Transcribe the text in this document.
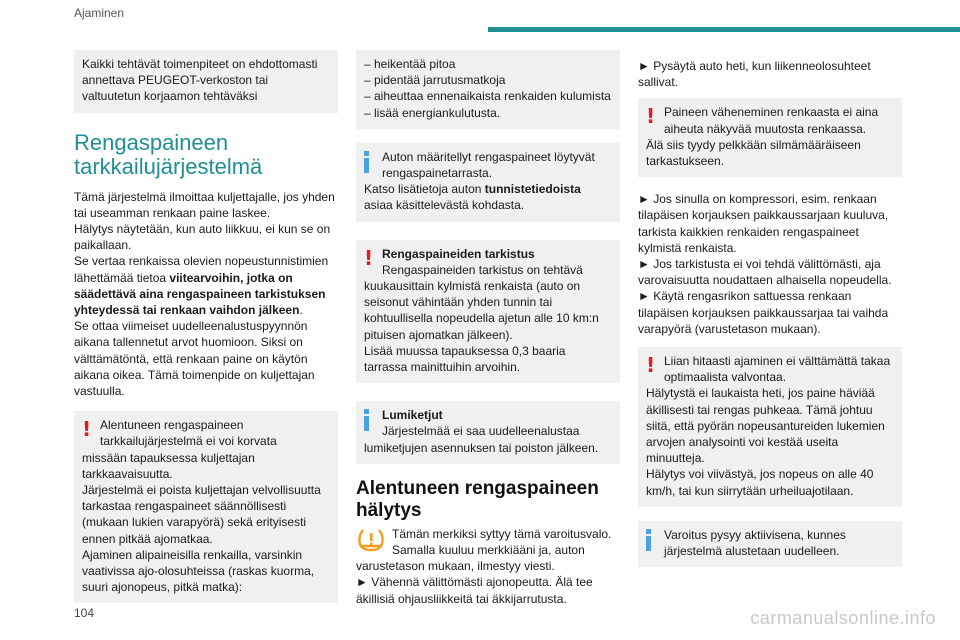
Ajaminen
Kaikki tehtävät toimenpiteet on ehdottomasti annettava PEUGEOT-verkoston tai valtuutetun korjaamon tehtäväksi
Rengaspaineen tarkkailujärjestelmä

Tämä järjestelmä ilmoittaa kuljettajalle, jos yhden tai useamman renkaan paine laskee.

Hälytys näytetään, kun auto liikkuu, ei kun se on paikallaan.

Se vertaa renkaissa olevien nopeustunnistimien lähettämää tietoa viitearvoihin, jotka on säädettävä aina rengaspaineen tarkistuksen yhteydessä tai renkaan vaihdon jälkeen.

Se ottaa viimeiset uudelleenalustuspyynnön aikana tallennetut arvot huomioon. Siksi on välttämätöntä, että renkaan paine on käytön aikana oikea. Tämä toimenpide on kuljettajan vastuulla.

! Alentuneen rengaspaineen tarkkailujärjestelmä ei voi korvata
missään tapauksessa kuljettajan tarkkaavaisuutta.
Järjestelmä ei poista kuljettajan velvollisuutta tarkastaa rengaspaineet säännöllisesti (mukaan lukien varapyörä) sekä erityisesti ennen pitkää ajomatkaa.
Ajaminen alipaineisilla renkailla, varsinkin vaativissa ajo-olosuhteissa (raskas kuorma, suuri ajonopeus, pitkä matka):
– heikentää pitoa
– pidentää jarrutusmatkoja
– aiheuttaa ennenaikaista renkaiden kulumista
– lisää energiankulutusta.
Auton määritellyt rengaspaineet löytyvät rengaspainetarrasta.
Katso lisätietoja auton tunnistetiedoista asiaa käsittelevästä kohdasta.
! Rengaspaineiden tarkistus
Rengaspaineiden tarkistus on tehtävä
kuukausittain kylmistä renkaista (auto on seisonut vähintään yhden tunnin tai kohtuullisella nopeudella ajetun alle 10 km:n pituisen ajomatkan jälkeen).
Lisää muussa tapauksessa 0,3 baaria tarrassa mainittuihin arvoihin.
Lumiketjut
Järjestelmää ei saa uudelleenalustaa
lumiketjujen asennuksen tai poiston jälkeen.
Alentuneen rengaspaineen hälytys

Tämän merkiksi syttyy tämä varoitusvalo. Samalla kuuluu merkkiääni ja, auton

varustetason mukaan, ilmestyy viesti.

► Vähennä välittömästi ajonopeutta. Älä tee äkillisiä ohjausliikkeitä tai äkkijarrutusta.

► Pysäytä auto heti, kun liikenneolosuhteet sallivat.

! Paineen väheneminen renkaasta ei aina aiheuta näkyvää muutosta renkaassa.
Älä siis tyydy pelkkään silmämääräiseen tarkastukseen.

► Jos sinulla on kompressori, esim. renkaan tilapäisen korjauksen paikkaussarjaan kuuluva, tarkista kaikkien renkaiden rengaspaineet kylmistä renkaista.

► Jos tarkistusta ei voi tehdä välittömästi, aja varovaisuutta noudattaen alhaisella nopeudella.

► Käytä rengasrikon sattuessa renkaan tilapäisen korjauksen paikkaussarjaa tai vaihda varapyörä (varustetason mukaan).

! Liian hitaasti ajaminen ei välttämättä takaa optimaalista valvontaa.
Hälytystä ei laukaista heti, jos paine häviää äkillisesti tai rengas puhkeaa. Tämä johtuu siitä, että pyörän nopeusantureiden lukemien arvojen analysointi voi kestää useita minuutteja.
Hälytys voi viivästyä, jos nopeus on alle 40 km/h, tai kun siirrytään urheiluajotilaan.
Varoitus pysyy aktiivisena, kunnes järjestelmä alustetaan uudelleen.
104	carmanualsonline.info
